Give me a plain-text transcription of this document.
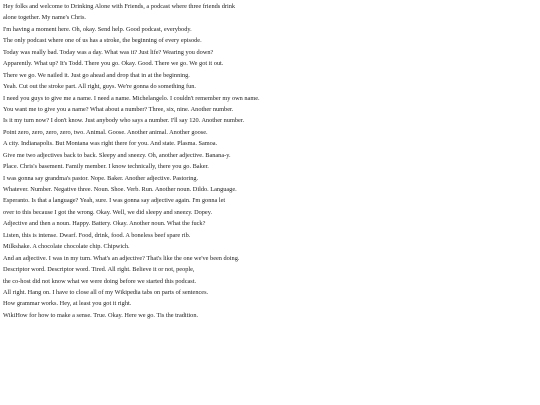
Hey folks and welcome to Drinking Alone with Friends, a podcast where three friends drink
alone together. My name's Chris.
I'm having a moment here. Oh, okay. Send help. Good podcast, everybody.
The only podcast where one of us has a stroke, the beginning of every episode.
Today was really bad. Today was a day. What was it? Just life? Wearing you down?
Apparently. What up? It's Todd. There you go. Okay. Good. There we go. We got it out.
There we go. We nailed it. Just go ahead and drop that in at the beginning.
Yeah. Cut out the stroke part. All right, guys. We're gonna do something fun.
I need you guys to give me a name. I need a name. Michelangelo. I couldn't remember my own name.
You want me to give you a name? What about a number? Three, six, nine. Another number.
Is it my turn now? I don't know. Just anybody who says a number. I'll say 120. Another number.
Point zero, zero, zero, zero, two. Animal. Goose. Another animal. Another goose.
A city. Indianapolis. But Montana was right there for you. And state. Plasma. Samoa.
Give me two adjectives back to back. Sleepy and sneezy. Oh, another adjective. Banana-y.
Place. Chris's basement. Family member. I know technically, there you go. Baker.
I was gonna say grandma's pastor. Nope. Baker. Another adjective. Pastoring.
Whatever. Number. Negative three. Noun. Shoe. Verb. Run. Another noun. Dildo. Language.
Esperanto. Is that a language? Yeah, sure. I was gonna say adjective again. I'm gonna let
over to this because I got the wrong. Okay. Well, we did sleepy and sneezy. Dopey.
Adjective and then a noun. Happy. Battery. Okay. Another noun. What the fuck?
Listen, this is intense. Dwarf. Food, drink, food. A boneless beef spare rib.
Milkshake. A chocolate chocolate chip. Chipwich.
And an adjective. I was in my turn. What's an adjective? That's like the one we've been doing.
Descriptor word. Descriptor word. Tired. All right. Believe it or not, people,
the co-host did not know what we were doing before we started this podcast.
All right. Hang on. I have to close all of my Wikipedia tabs on parts of sentences.
How grammar works. Hey, at least you got it right.
WikiHow for how to make a sense. True. Okay. Here we go. Tis the tradition.
